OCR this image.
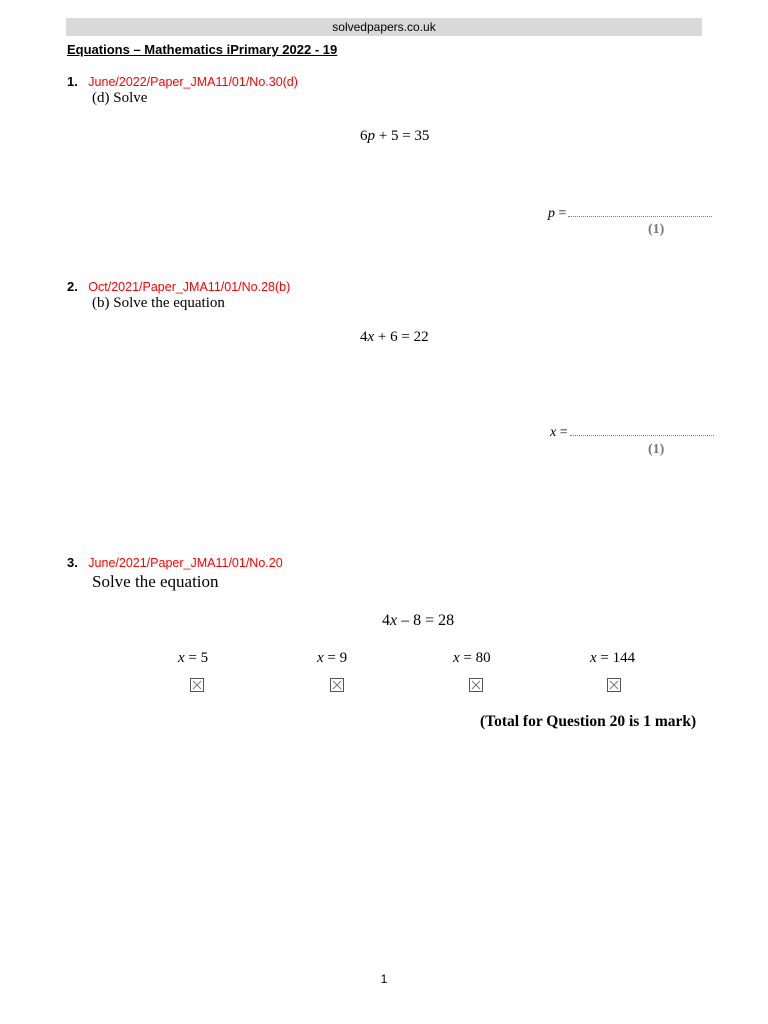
solvedpapers.co.uk
Equations – Mathematics iPrimary 2022 - 19
1. June/2022/Paper_JMA11/01/No.30(d)
(d) Solve
6p + 5 = 35
p =
(1)
2. Oct/2021/Paper_JMA11/01/No.28(b)
(b) Solve the equation
4x + 6 = 22
x =
(1)
3. June/2021/Paper_JMA11/01/No.20
Solve the equation
4x – 8 = 28
x = 5	x = 9	x = 80	x = 144
(Total for Question 20 is 1 mark)
1
